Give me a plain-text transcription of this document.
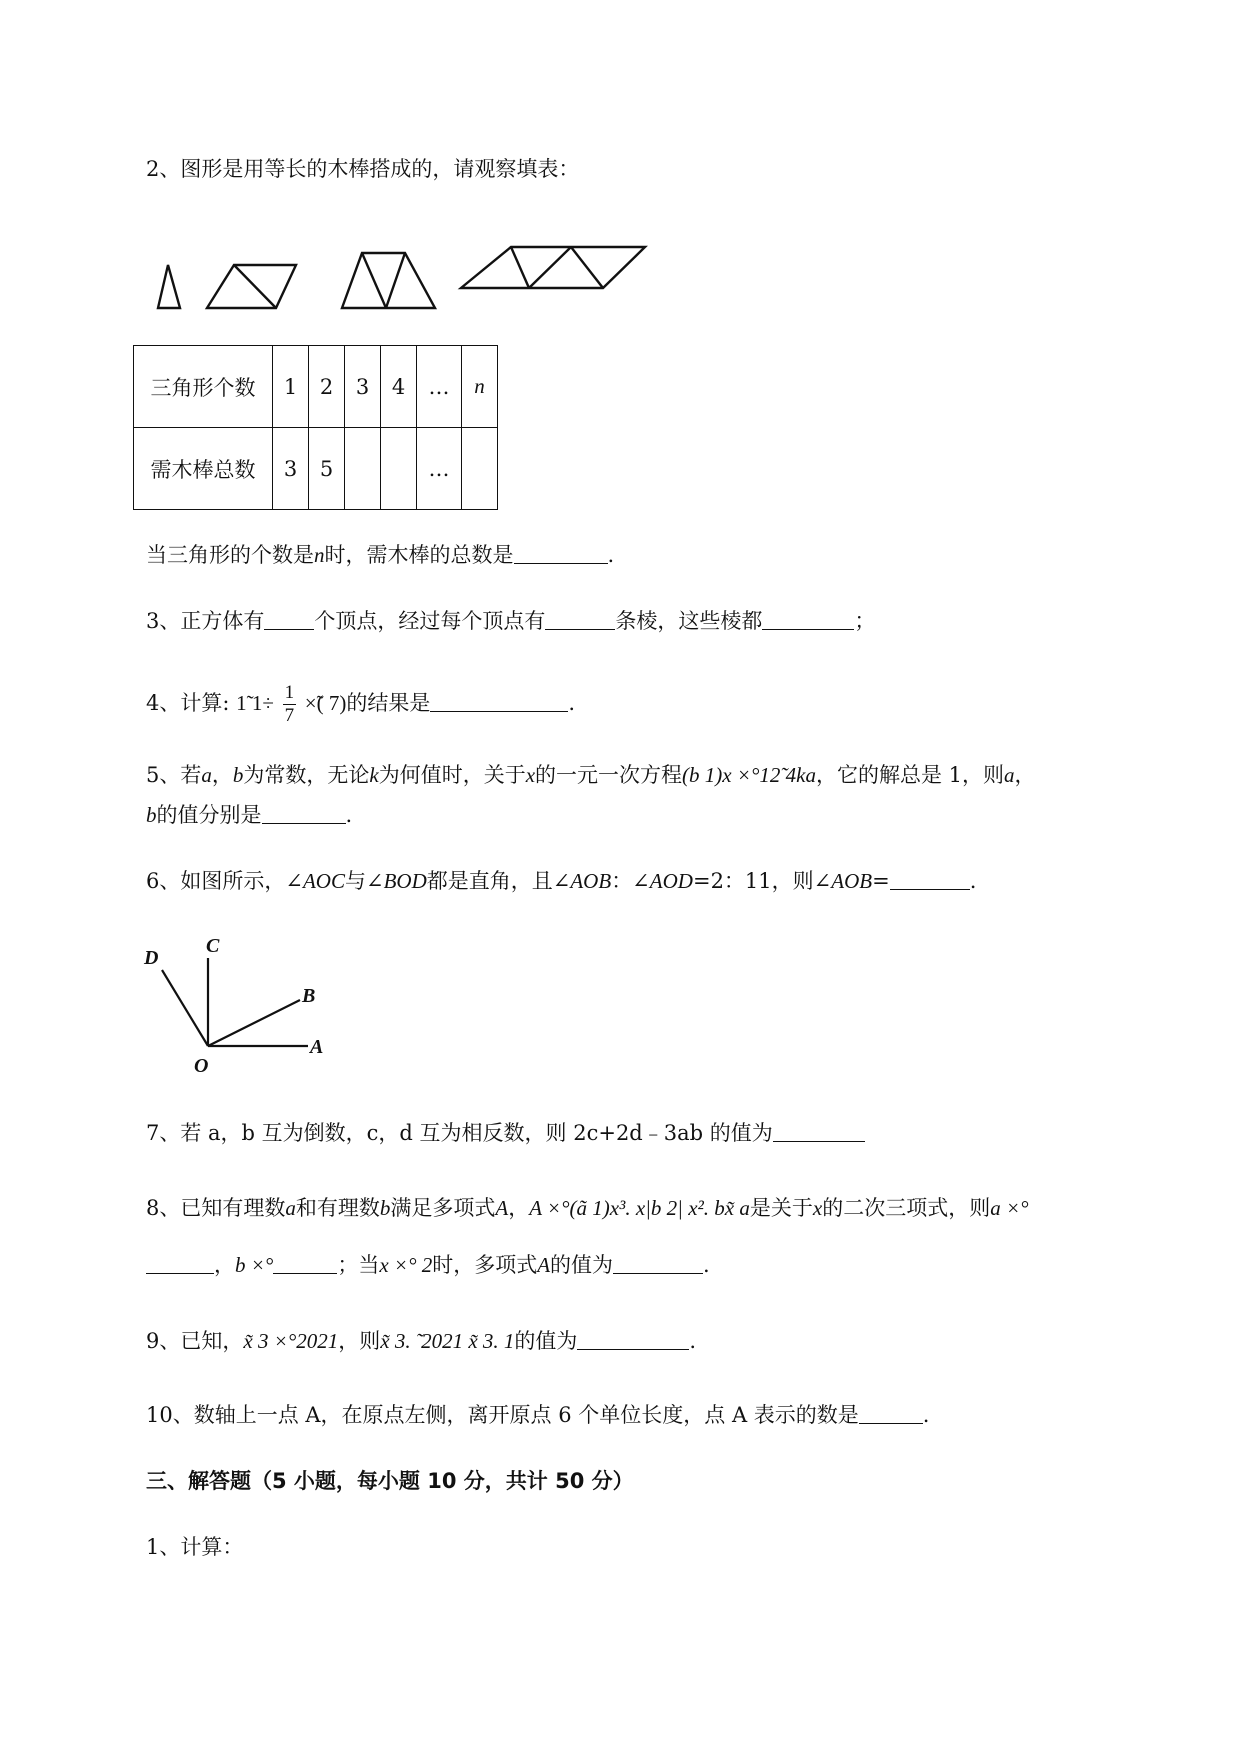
2、图形是用等长的木棒搭成的，请观察填表：
三角形个数	1	2	3	4	…	n
需木棒总数	3	5			…	
当三角形的个数是n时，需木棒的总数是	.
3、正方体有 个顶点，经过每个顶点有	条棱，这些棱都	；
4、计算: 1̃ $1\div \frac{1}{7}$ ×̃( 7)的结果是	.
5、若a，b为常数，无论k为何值时，关于x的一元一次方程(b 1)x ×°12̃ 4ka，它的解总是 1，则a，
b的值分别是	.
6、如图所示，∠AOC与∠BOD都是直角，且∠AOB：∠AOD=2：11，则∠AOB=	.
D
C
B
A
O
7、若 a，b 互为倒数，c，d 互为相反数，则 2c+2d﹣3ab 的值为
8、已知有理数a和有理数b满足多项式A，A ×°(ã 1)x³. x|b 2| x². bx̃ a是关于x的二次三项式，则a ×°
，b ×°	；当x ×° 2时，多项式A的值为	.
9、已知，x̃ 3 ×°2021，则x̃ 3. ̃ 2021 x̃ 3. 1的值为	.
10、数轴上一点 A，在原点左侧，离开原点 6 个单位长度，点 A 表示的数是	.
三、解答题（5 小题，每小题 10 分，共计 50 分）
1、计算：
